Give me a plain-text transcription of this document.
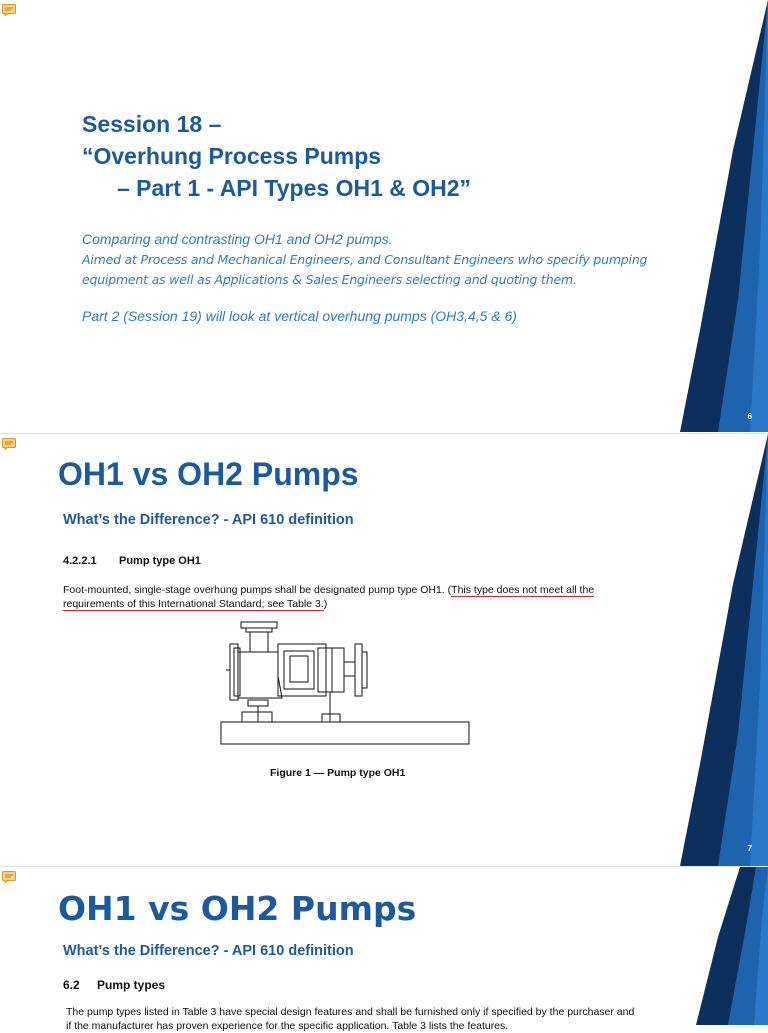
Session 18 –
“Overhung Process Pumps
– Part 1 - API Types OH1 & OH2”
Comparing and contrasting OH1 and OH2 pumps.
Aimed at Process and Mechanical Engineers, and Consultant Engineers who specify pumping equipment as well as Applications & Sales Engineers selecting and quoting them.
Part 2 (Session 19) will look at vertical overhung pumps (OH3,4,5 & 6)
6
OH1 vs OH2 Pumps
What’s the Difference? - API 610 definition
4.2.2.1 Pump type OH1
Foot-mounted, single-stage overhung pumps shall be designated pump type OH1. (This type does not meet all the requirements of this International Standard; see Table 3.)
Figure 1 — Pump type OH1
7
OH1 vs OH2 Pumps
What’s the Difference? - API 610 definition
6.2 Pump types
The pump types listed in Table 3 have special design features and shall be furnished only if specified by the purchaser and if the manufacturer has proven experience for the specific application. Table 3 lists the features.
